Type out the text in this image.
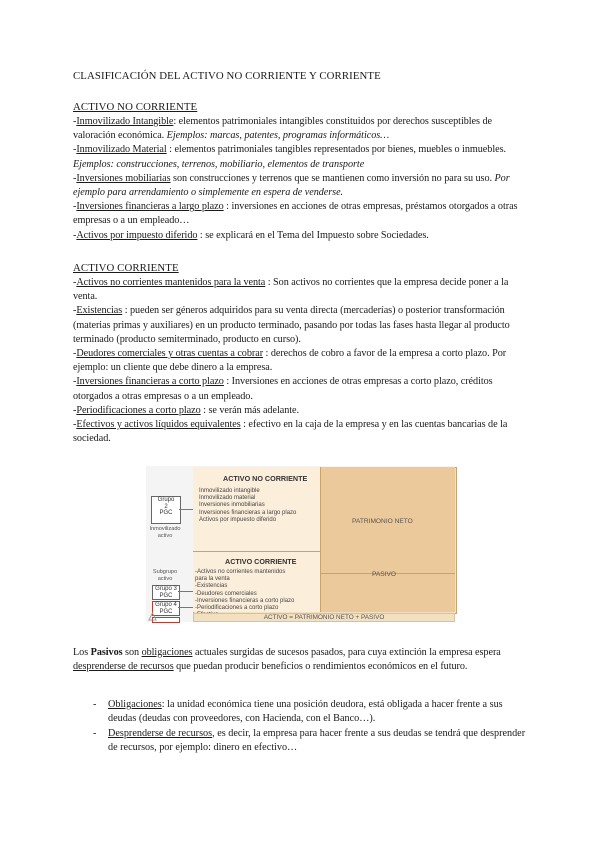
CLASIFICACIÓN DEL ACTIVO NO CORRIENTE Y CORRIENTE
ACTIVO NO CORRIENTE

-Inmovilizado Intangible: elementos patrimoniales intangibles constituidos por derechos susceptibles de valoración económica. Ejemplos: marcas, patentes, programas informáticos…

-Inmovilizado Material : elementos patrimoniales tangibles representados por bienes, muebles o inmuebles. Ejemplos: construcciones, terrenos, mobiliario, elementos de transporte

-Inversiones mobiliarias son construcciones y terrenos que se mantienen como inversión no para su uso. Por ejemplo para arrendamiento o simplemente en espera de venderse.

-Inversiones financieras a largo plazo : inversiones en acciones de otras empresas, préstamos otorgados a otras empresas o a un empleado…

-Activos por impuesto diferido : se explicará en el Tema del Impuesto sobre Sociedades.

ACTIVO CORRIENTE

-Activos no corrientes mantenidos para la venta : Son activos no corrientes que la empresa decide poner a la venta.

-Existencias : pueden ser géneros adquiridos para su venta directa (mercaderías) o posterior transformación (materias primas y auxiliares) en un producto terminado, pasando por todas las fases hasta llegar al producto terminado (producto semiterminado, producto en curso).

-Deudores comerciales y otras cuentas a cobrar : derechos de cobro a favor de la empresa a corto plazo. Por ejemplo: un cliente que debe dinero a la empresa.

-Inversiones financieras a corto plazo : Inversiones en acciones de otras empresas a corto plazo, créditos otorgados a otras empresas o a un empleado.

-Periodificaciones a corto plazo : se verán más adelante.

-Efectivos y activos líquidos equivalentes : efectivo en la caja de la empresa y en las cuentas bancarias de la sociedad.

ACTIVO NO CORRIENTE
Inmovilizado intangible
Inmovilizado material
Inversiones inmobiliarias
Inversiones financieras a largo plazo
Activos por impuesto diferido
ACTIVO CORRIENTE
-Activos no corrientes mantenidos
para la venta
-Existencias
-Deudores comerciales
-Inversiones financieras a corto plazo
-Periodificaciones a corto plazo
PATRIMONIO NETO
PASIVO
ACTIVO = PATRIMONIO NETO + PASIVO
Grupo
2
PGC
Inmovilizado
activo
Subgrupo
activo
Grupo 3
PGC
Grupo 4
PGC

Los Pasivos son obligaciones actuales surgidas de sucesos pasados, para cuya extinción la empresa espera desprenderse de recursos que puedan producir beneficios o rendimientos económicos en el futuro.

- Obligaciones: la unidad económica tiene una posición deudora, está obligada a hacer frente a sus deudas (deudas con proveedores, con Hacienda, con el Banco…).
- Desprenderse de recursos, es decir, la empresa para hacer frente a sus deudas se tendrá que desprender de recursos, por ejemplo: dinero en efectivo…
